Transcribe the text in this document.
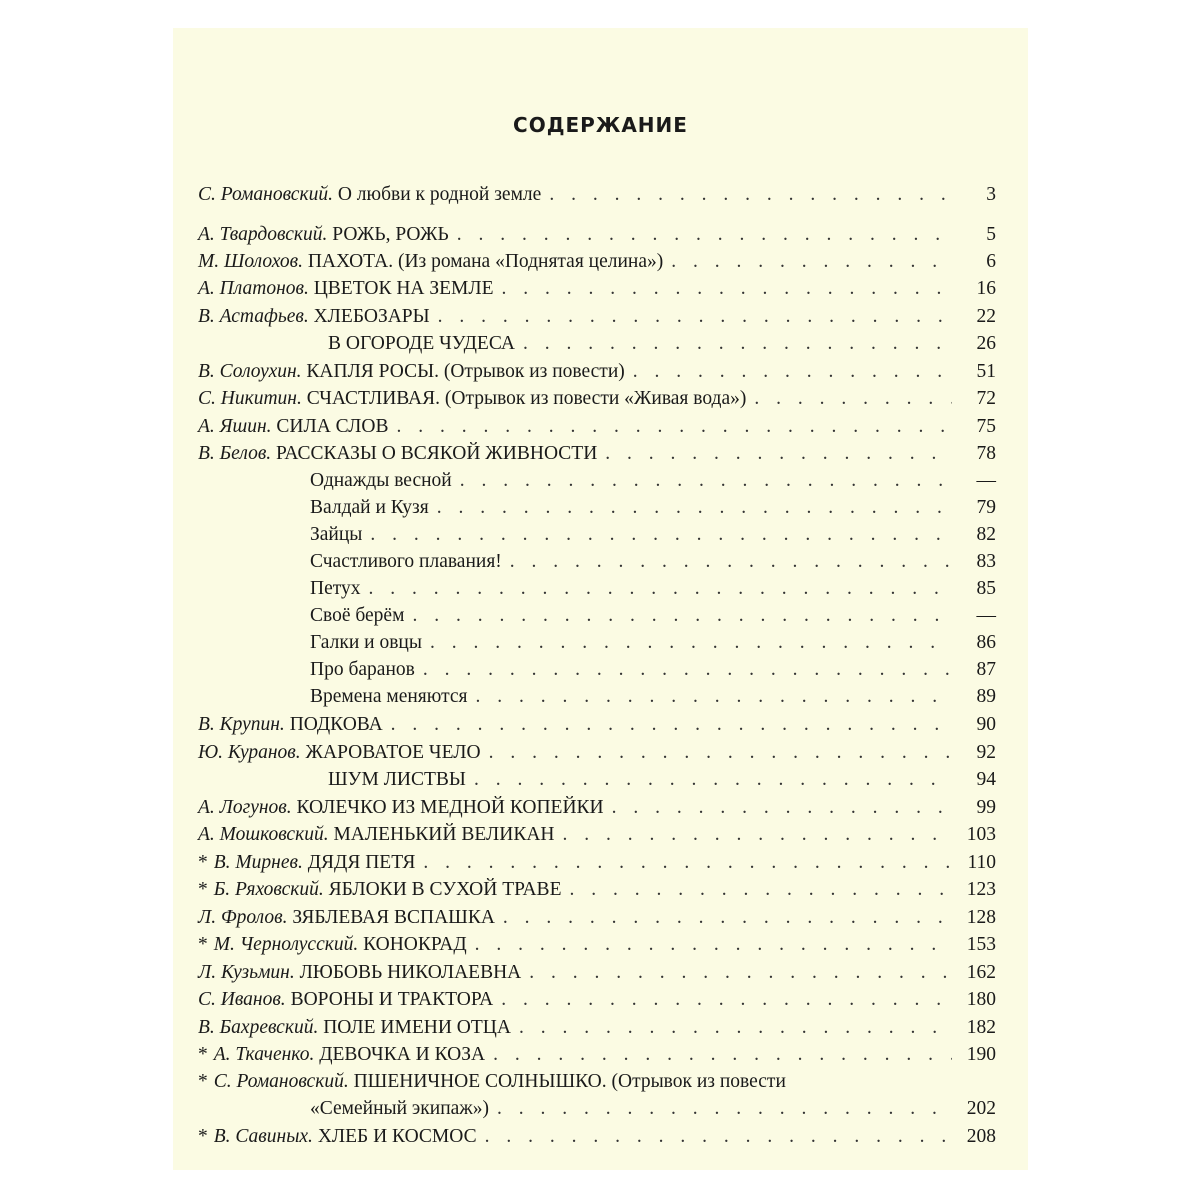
СОДЕРЖАНИЕ
С. Романовский. О любви к родной земле . . .	3
А. Твардовский. РОЖЬ, РОЖЬ . . .	5
М. Шолохов. ПАХОТА. (Из романа «Поднятая целина») . . .	6
А. Платонов. ЦВЕТОК НА ЗЕМЛЕ . . .	16
В. Астафьев. ХЛЕБОЗАРЫ . . .	22
В ОГОРОДЕ ЧУДЕСА . . .	26
В. Солоухин. КАПЛЯ РОСЫ. (Отрывок из повести) . . .	51
С. Никитин. СЧАСТЛИВАЯ. (Отрывок из повести «Живая вода») . . .	72
А. Яшин. СИЛА СЛОВ . . .	75
В. Белов. РАССКАЗЫ О ВСЯКОЙ ЖИВНОСТИ . . .	78
Однажды весной . . .	—
Валдай и Кузя . . .	79
Зайцы . . .	82
Счастливого плавания! . . .	83
Петух . . .	85
Своё берём . . .	—
Галки и овцы . . .	86
Про баранов . . .	87
Времена меняются . . .	89
В. Крупин. ПОДКОВА . . .	90
Ю. Куранов. ЖАРОВАТОЕ ЧЕЛО . . .	92
ШУМ ЛИСТВЫ . . .	94
А. Логунов. КОЛЕЧКО ИЗ МЕДНОЙ КОПЕЙКИ . . .	99
А. Мошковский. МАЛЕНЬКИЙ ВЕЛИКАН . . .	103
* В. Мирнев. ДЯДЯ ПЕТЯ . . .	110
* Б. Ряховский. ЯБЛОКИ В СУХОЙ ТРАВЕ . . .	123
Л. Фролов. ЗЯБЛЕВАЯ ВСПАШКА . . .	128
* М. Чернолусский. КОНОКРАД . . .	153
Л. Кузьмин. ЛЮБОВЬ НИКОЛАЕВНА . . .	162
С. Иванов. ВОРОНЫ И ТРАКТОРА . . .	180
В. Бахревский. ПОЛЕ ИМЕНИ ОТЦА . . .	182
* А. Ткаченко. ДЕВОЧКА И КОЗА . . .	190
* С. Романовский. ПШЕНИЧНОЕ СОЛНЫШКО. (Отрывок из повести
«Семейный экипаж») . . .	202
* В. Савиных. ХЛЕБ И КОСМОС . . .	208
